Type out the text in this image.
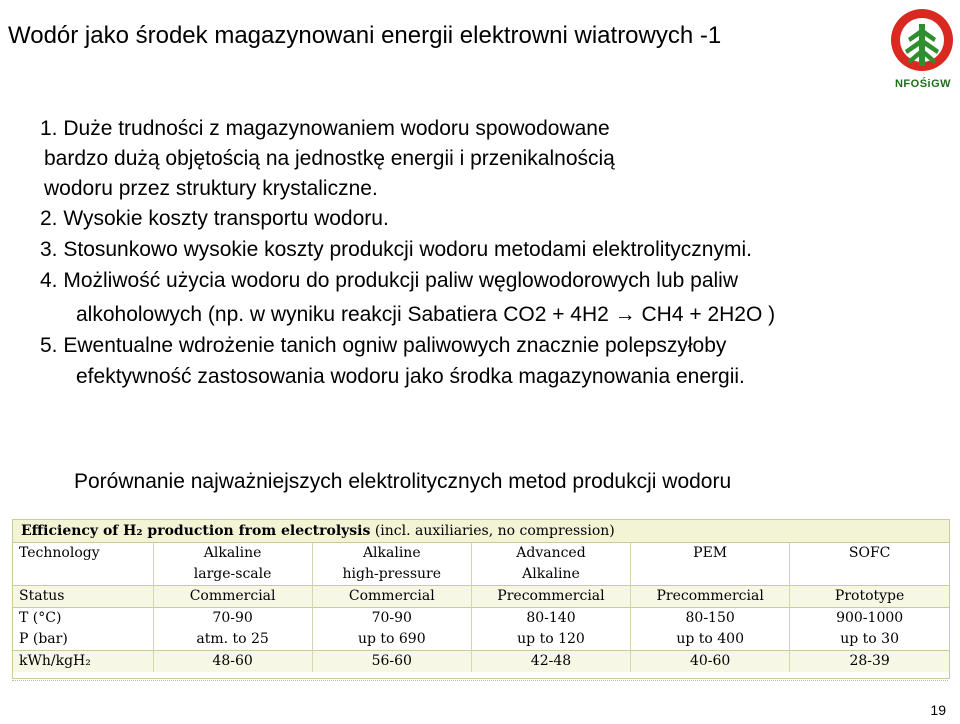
Wodór jako środek magazynowani energii elektrowni wiatrowych -1
NFOŚiGW
1. Duże trudności z magazynowaniem wodoru spowodowane
bardzo dużą objętością na jednostkę energii i przenikalnością
wodoru przez struktury krystaliczne.
2. Wysokie koszty transportu wodoru.
3. Stosunkowo wysokie koszty produkcji wodoru metodami elektrolitycznymi.
4. Możliwość użycia wodoru do produkcji paliw węglowodorowych lub paliw
alkoholowych (np. w wyniku reakcji Sabatiera CO2 + 4H2 → CH4 + 2H2O )
5. Ewentualne wdrożenie tanich ogniw paliwowych znacznie polepszyłoby
efektywność zastosowania wodoru jako środka magazynowania energii.
Porównanie najważniejszych elektrolitycznych metod produkcji wodoru
Efficiency of H₂ production from electrolysis (incl. auxiliaries, no compression)
Technology	Alkaline	Alkaline	Advanced	PEM	SOFC
	large-scale	high-pressure	Alkaline		
Status	Commercial	Commercial	Precommercial	Precommercial	Prototype
T (°C)	70-90	70-90	80-140	80-150	900-1000
P (bar)	atm. to 25	up to 690	up to 120	up to 400	up to 30
kWh/kgH₂	48-60	56-60	42-48	40-60	28-39
19
